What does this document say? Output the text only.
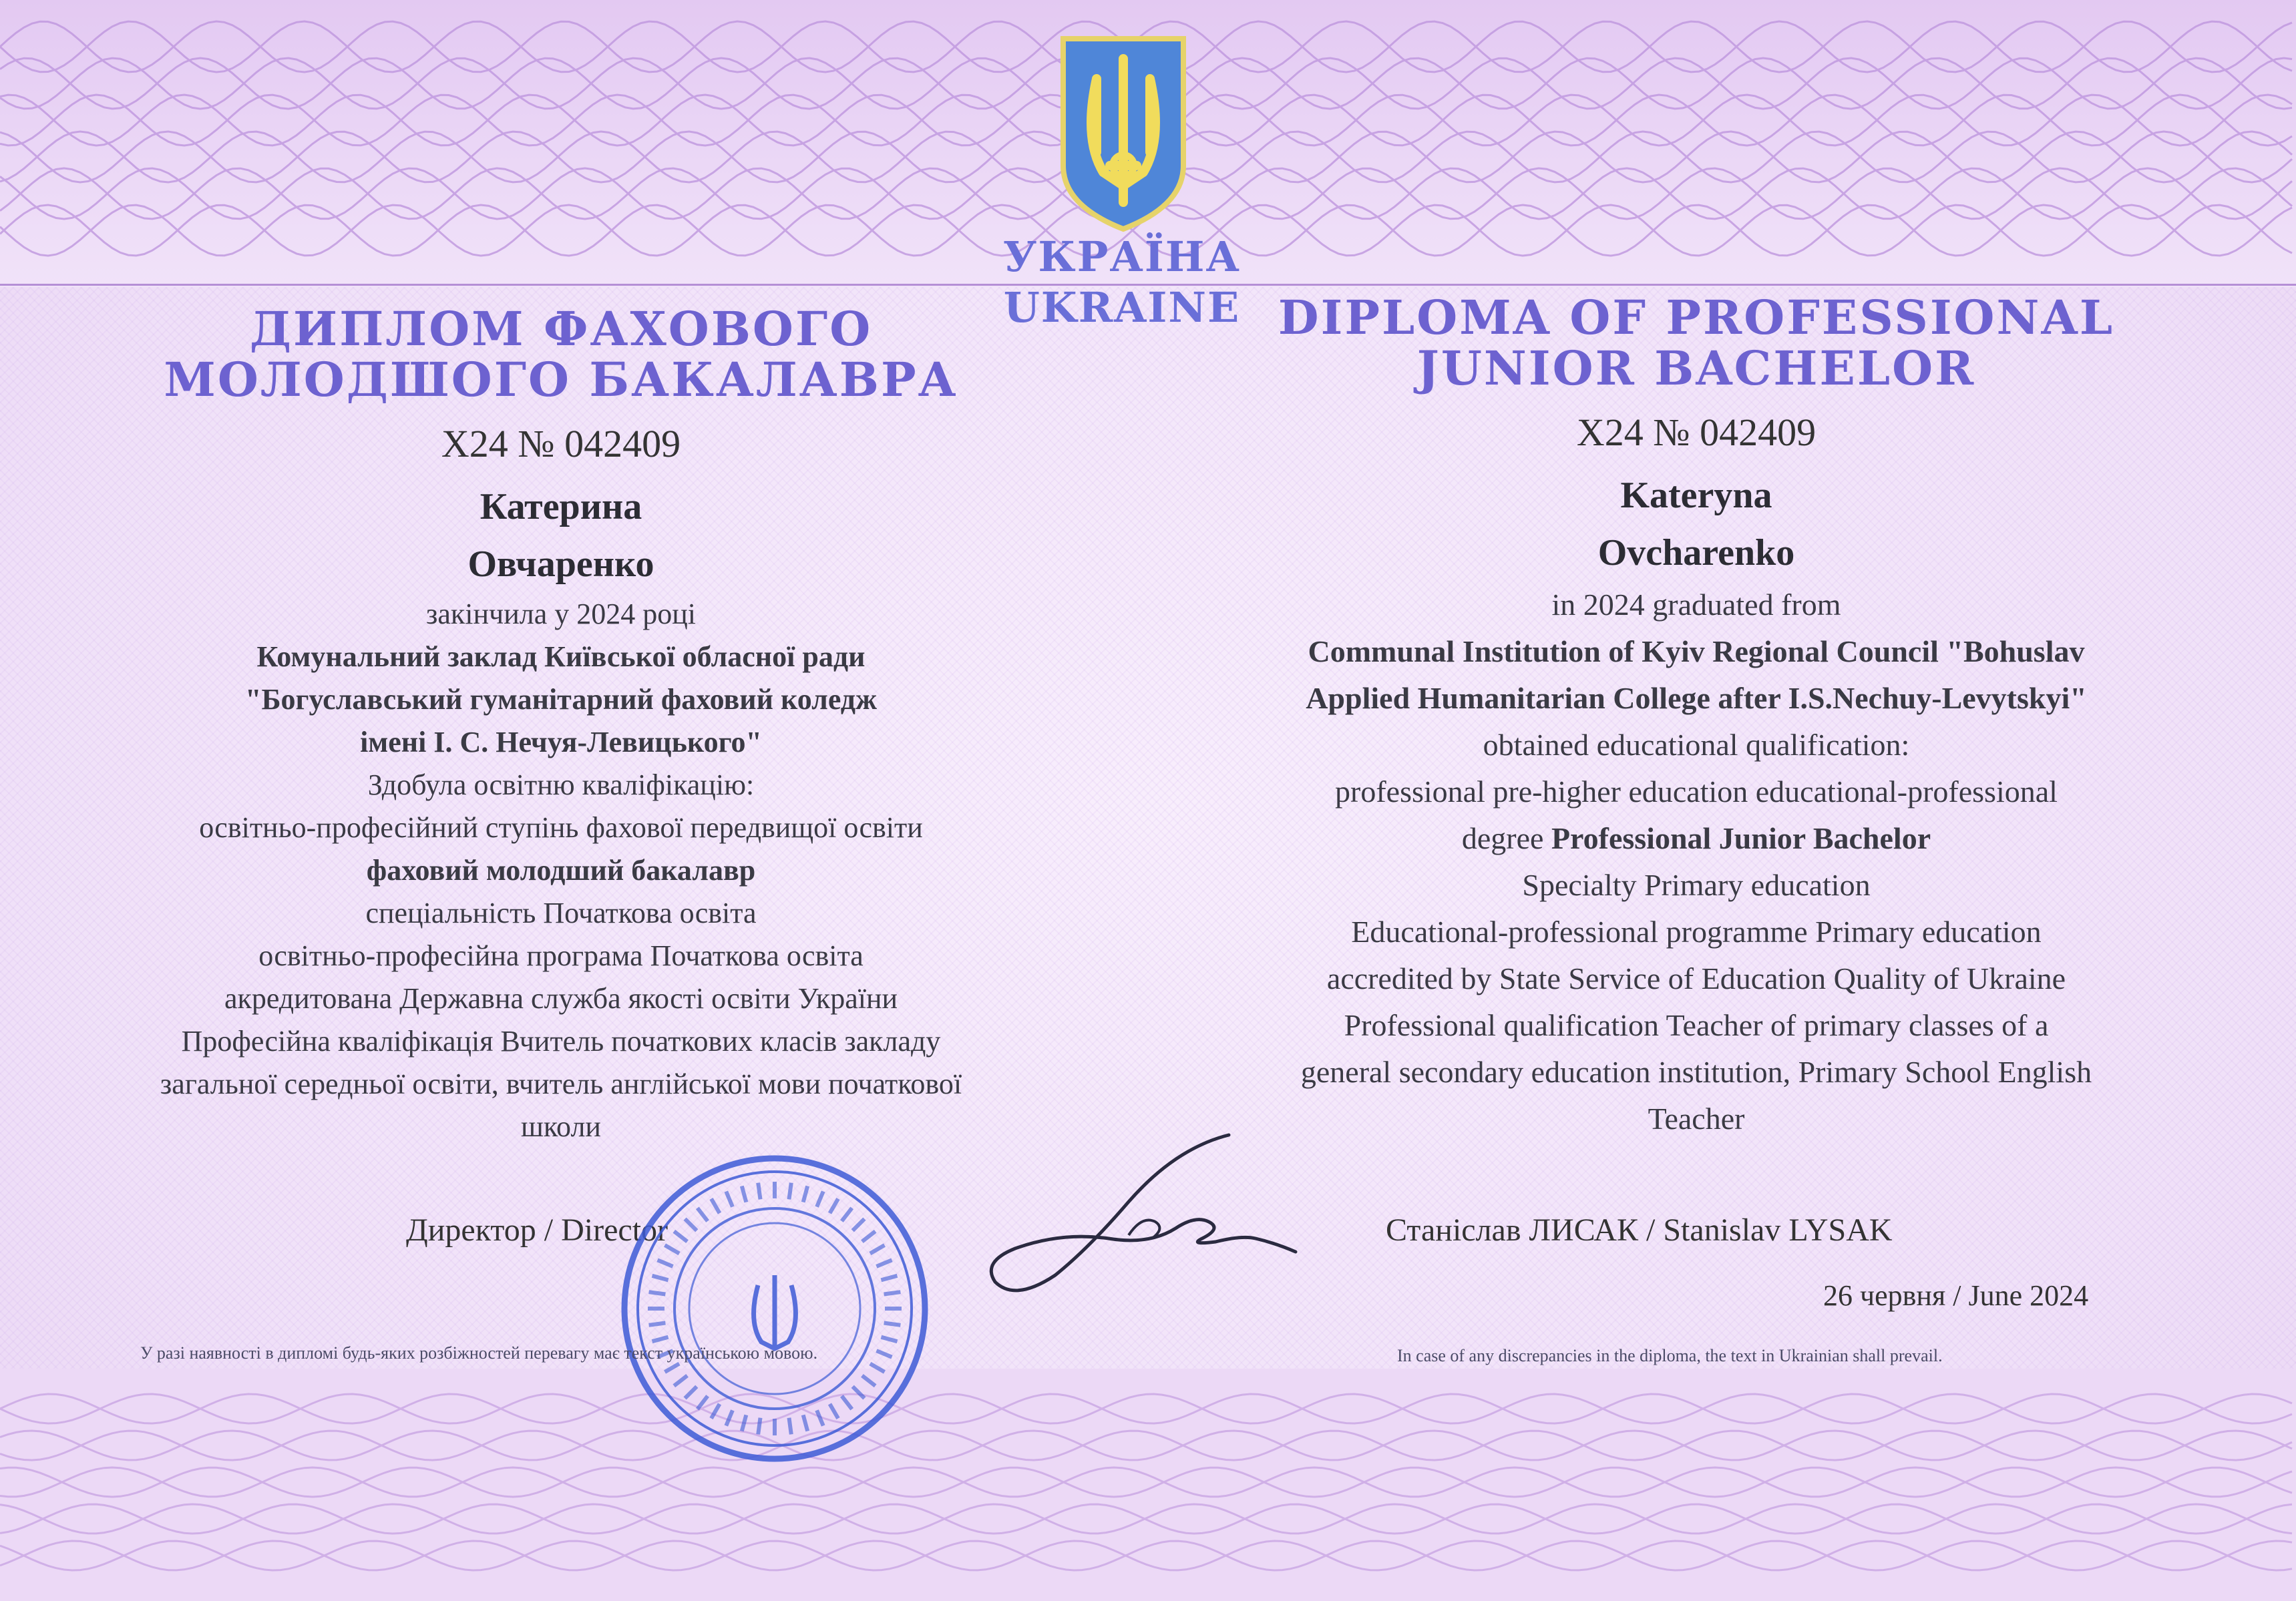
УКРАЇНА
UKRAINE

ДИПЛОМ ФАХОВОГО

МОЛОДШОГО БАКАЛАВРА

X24 № 042409
Катерина
Овчаренко
закінчила у 2024 році
Комунальний заклад Київської обласної ради
"Богуславський гуманітарний фаховий коледж
імені І. С. Нечуя-Левицького"
Здобула освітню кваліфікацію:
освітньо-професійний ступінь фахової передвищої освіти
фаховий молодший бакалавр
спеціальність Початкова освіта
освітньо-професійна програма Початкова освіта
акредитована Державна служба якості освіти України
Професійна кваліфікація Вчитель початкових класів закладу
загальної середньої освіти, вчитель англійської мови початкової
школи

DIPLOMA OF PROFESSIONAL

JUNIOR BACHELOR

X24 № 042409
Kateryna
Ovcharenko
in 2024 graduated from
Communal Institution of Kyiv Regional Council "Bohuslav
Applied Humanitarian College after I.S.Nechuy-Levytskyi"
obtained educational qualification:
professional pre-higher education educational-professional
degree Professional Junior Bachelor
Specialty Primary education
Educational-professional programme Primary education
accredited by State Service of Education Quality of Ukraine
Professional qualification Teacher of primary classes of a
general secondary education institution, Primary School English
Teacher
Директор / Director	Станіслав ЛИСАК / Stanislav LYSAK
26 червня / June 2024
У разі наявності в дипломі будь-яких розбіжностей перевагу має текст українською мовою.	In case of any discrepancies in the diploma, the text in Ukrainian shall prevail.
